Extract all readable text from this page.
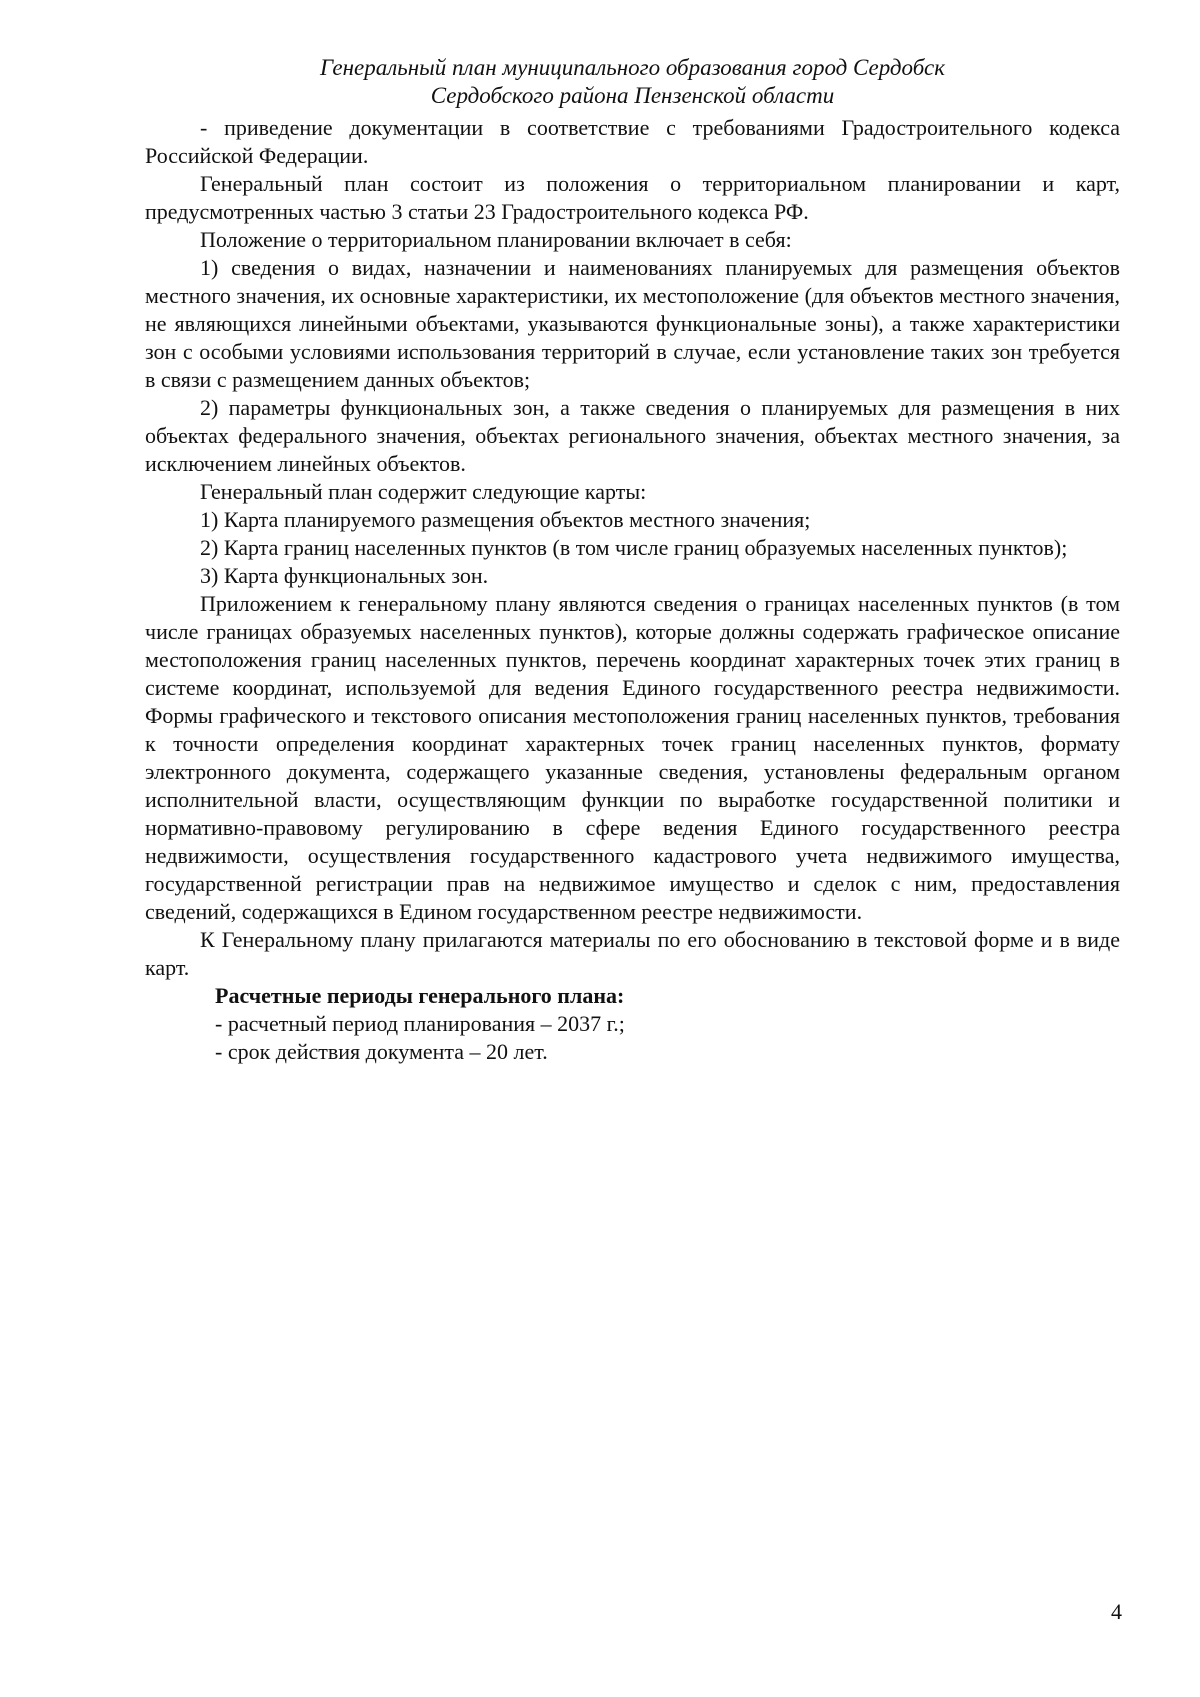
Генеральный план муниципального образования город Сердобск
Сердобского района Пензенской области

- приведение документации в соответствие с требованиями Градостроительного кодекса Российской Федерации.

Генеральный план состоит из положения о территориальном планировании и карт, предусмотренных частью 3 статьи 23 Градостроительного кодекса РФ.

Положение о территориальном планировании включает в себя:

1) сведения о видах, назначении и наименованиях планируемых для размещения объектов местного значения, их основные характеристики, их местоположение (для объектов местного значения, не являющихся линейными объектами, указываются функциональные зоны), а также характеристики зон с особыми условиями использования территорий в случае, если установление таких зон требуется в связи с размещением данных объектов;

2) параметры функциональных зон, а также сведения о планируемых для размещения в них объектах федерального значения, объектах регионального значения, объектах местного значения, за исключением линейных объектов.

Генеральный план содержит следующие карты:

1) Карта планируемого размещения объектов местного значения;

2) Карта границ населенных пунктов (в том числе границ образуемых населенных пунктов);

3) Карта функциональных зон.

Приложением к генеральному плану являются сведения о границах населенных пунктов (в том числе границах образуемых населенных пунктов), которые должны содержать графическое описание местоположения границ населенных пунктов, перечень координат характерных точек этих границ в системе координат, используемой для ведения Единого государственного реестра недвижимости. Формы графического и текстового описания местоположения границ населенных пунктов, требования к точности определения координат характерных точек границ населенных пунктов, формату электронного документа, содержащего указанные сведения, установлены федеральным органом исполнительной власти, осуществляющим функции по выработке государственной политики и нормативно-правовому регулированию в сфере ведения Единого государственного реестра недвижимости, осуществления государственного кадастрового учета недвижимого имущества, государственной регистрации прав на недвижимое имущество и сделок с ним, предоставления сведений, содержащихся в Едином государственном реестре недвижимости.

К Генеральному плану прилагаются материалы по его обоснованию в текстовой форме и в виде карт.

Расчетные периоды генерального плана:

- расчетный период планирования – 2037 г.;

- срок действия документа – 20 лет.

4
